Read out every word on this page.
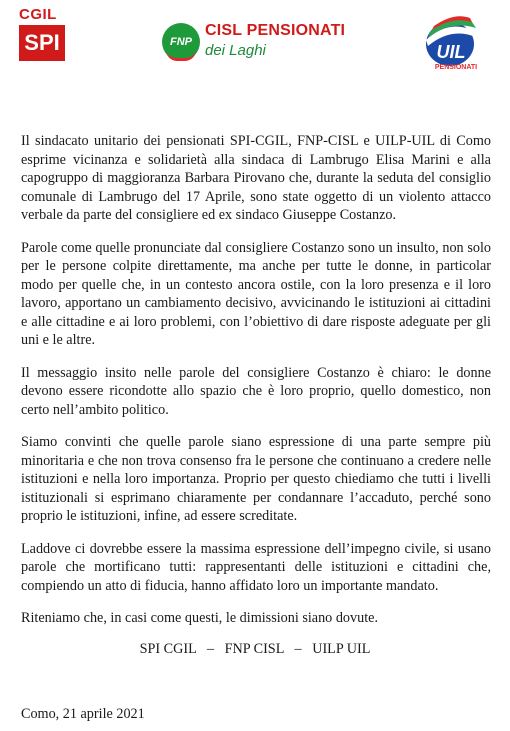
CGIL
SPI	FNP
CISL PENSIONATI
dei Laghi	UIL
PENSIONATI

Il sindacato unitario dei pensionati SPI-CGIL, FNP-CISL e UILP-UIL di Como esprime vicinanza e solidarietà alla sindaca di Lambrugo Elisa Marini e alla capogruppo di maggioranza Barbara Pirovano che, durante la seduta del consiglio comunale di Lambrugo del 17 Aprile, sono state oggetto di un violento attacco verbale da parte del consigliere ed ex sindaco Giuseppe Costanzo.

Parole come quelle pronunciate dal consigliere Costanzo sono un insulto, non solo per le persone colpite direttamente, ma anche per tutte le donne, in particolar modo per quelle che, in un contesto ancora ostile, con la loro presenza e il loro lavoro, apportano un cambiamento decisivo, avvicinando le istituzioni ai cittadini e alle cittadine e ai loro problemi, con l’obiettivo di dare risposte adeguate per gli uni e le altre.

Il messaggio insito nelle parole del consigliere Costanzo è chiaro: le donne devono essere ricondotte allo spazio che è loro proprio, quello domestico, non certo nell’ambito politico.

Siamo convinti che quelle parole siano espressione di una parte sempre più minoritaria e che non trova consenso fra le persone che continuano a credere nelle istituzioni e nella loro importanza. Proprio per questo chiediamo che tutti i livelli istituzionali si esprimano chiaramente per condannare l’accaduto, perché sono proprio le istituzioni, infine, ad essere screditate.

Laddove ci dovrebbe essere la massima espressione dell’impegno civile, si usano parole che mortificano tutti: rappresentanti delle istituzioni e cittadini che, compiendo un atto di fiducia, hanno affidato loro un importante mandato.

Riteniamo che, in casi come questi, le dimissioni siano dovute.

SPI CGIL   –   FNP CISL   –   UILP UIL
Como, 21 aprile 2021
